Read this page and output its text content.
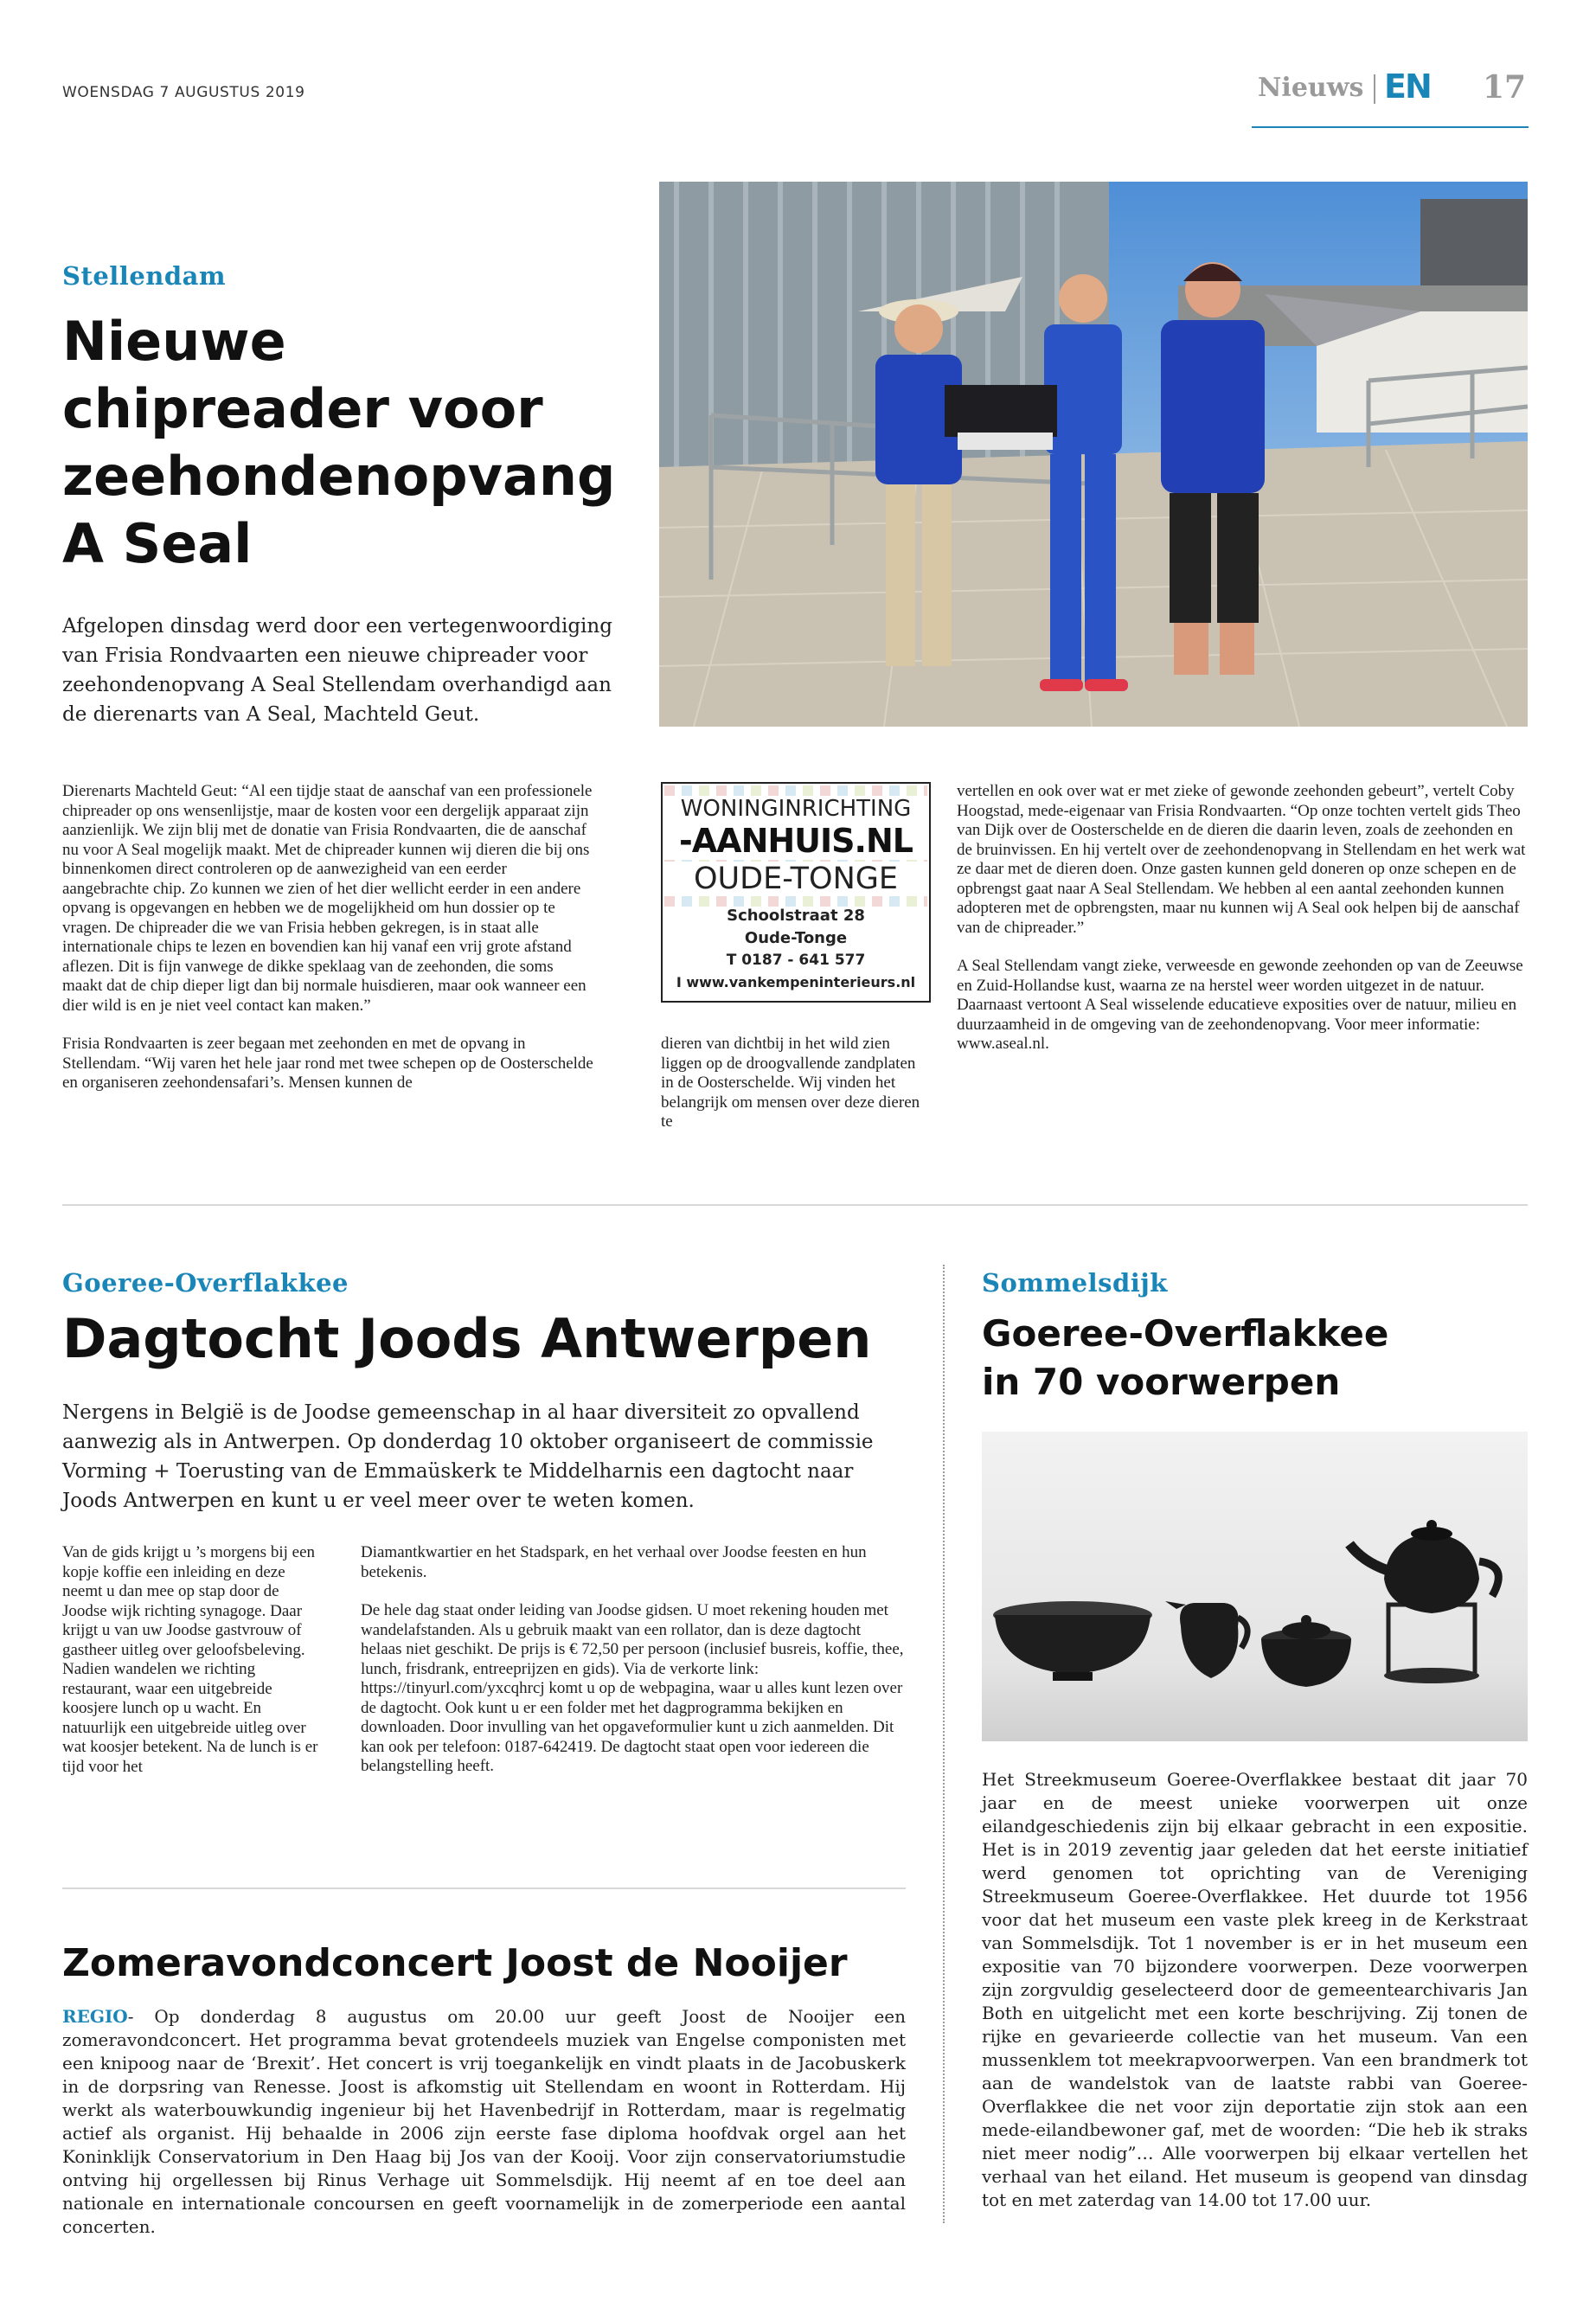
WOENSDAG 7 AUGUSTUS 2019	Nieuws EN 17
Stellendam
Nieuwe chipreader voor zeehondenopvang A Seal
Afgelopen dinsdag werd door een vertegenwoordiging van Frisia Rondvaarten een nieuwe chipreader voor zeehondenopvang A Seal Stellendam overhandigd aan de dierenarts van A Seal, Machteld Geut.

Dierenarts Machteld Geut: “Al een tijdje staat de aanschaf van een professionele chipreader op ons wensenlijstje, maar de kosten voor een dergelijk apparaat zijn aanzienlijk. We zijn blij met de donatie van Frisia Rondvaarten, die de aanschaf nu voor A Seal mogelijk maakt. Met de chipreader kunnen wij dieren die bij ons binnenkomen direct controleren op de aanwezigheid van een eerder aangebrachte chip. Zo kunnen we zien of het dier wellicht eerder in een andere opvang is opgevangen en hebben we de mogelijkheid om hun dossier op te vragen. De chipreader die we van Frisia hebben gekregen, is in staat alle internationale chips te lezen en bovendien kan hij vanaf een vrij grote afstand aflezen. Dit is fijn vanwege de dikke speklaag van de zeehonden, die soms maakt dat de chip dieper ligt dan bij normale huisdieren, maar ook wanneer een dier wild is en je niet veel contact kan maken.”

Frisia Rondvaarten is zeer begaan met zeehonden en met de opvang in Stellendam. “Wij varen het hele jaar rond met twee schepen op de Oosterschelde en organiseren zeehondensafari’s. Mensen kunnen de

WONINGINRICHTING
-AANHUIS.NL
OUDE-TONGE
Schoolstraat 28
Oude-Tonge
T 0187 - 641 577
I www.vankempeninterieurs.nl

dieren van dichtbij in het wild zien liggen op de droogvallende zandplaten in de Oosterschelde. Wij vinden het belangrijk om mensen over deze dieren te

vertellen en ook over wat er met zieke of gewonde zeehonden gebeurt”, vertelt Coby Hoogstad, mede-eigenaar van Frisia Rondvaarten. “Op onze tochten vertelt gids Theo van Dijk over de Oosterschelde en de dieren die daarin leven, zoals de zeehonden en de bruinvissen. En hij vertelt over de zeehondenopvang in Stellendam en het werk wat ze daar met de dieren doen. Onze gasten kunnen geld doneren op onze schepen en de opbrengst gaat naar A Seal Stellendam. We hebben al een aantal zeehonden kunnen adopteren met de opbrengsten, maar nu kunnen wij A Seal ook helpen bij de aanschaf van de chipreader.”

A Seal Stellendam vangt zieke, verweesde en gewonde zeehonden op van de Zeeuwse en Zuid-Hollandse kust, waarna ze na herstel weer worden uitgezet in de natuur. Daarnaast vertoont A Seal wisselende educatieve exposities over de natuur, milieu en duurzaamheid in de omgeving van de zeehondenopvang. Voor meer informatie: www.aseal.nl.

Goeree-Overflakkee
Dagtocht Joods Antwerpen
Nergens in België is de Joodse gemeenschap in al haar diversiteit zo opvallend aanwezig als in Antwerpen. Op donderdag 10 oktober organiseert de commissie Vorming + Toerusting van de Emmaüskerk te Middelharnis een dagtocht naar Joods Antwerpen en kunt u er veel meer over te weten komen.

Van de gids krijgt u ’s morgens bij een kopje koffie een inleiding en deze neemt u dan mee op stap door de Joodse wijk richting synagoge. Daar krijgt u van uw Joodse gastvrouw of gastheer uitleg over geloofsbeleving. Nadien wandelen we richting restaurant, waar een uitgebreide koosjere lunch op u wacht. En natuurlijk een uitgebreide uitleg over wat koosjer betekent. Na de lunch is er tijd voor het

Diamantkwartier en het Stadspark, en het verhaal over Joodse feesten en hun betekenis.

De hele dag staat onder leiding van Joodse gidsen. U moet rekening houden met wandelafstanden. Als u gebruik maakt van een rollator, dan is deze dagtocht helaas niet geschikt. De prijs is € 72,50 per persoon (inclusief busreis, koffie, thee, lunch, frisdrank, entreeprijzen en gids). Via de verkorte link: https://tinyurl.com/yxcqhrcj komt u op de webpagina, waar u alles kunt lezen over de dagtocht. Ook kunt u er een folder met het dagprogramma bekijken en downloaden. Door invulling van het opgaveformulier kunt u zich aanmelden. Dit kan ook per telefoon: 0187-642419. De dagtocht staat open voor iedereen die belangstelling heeft.

Zomeravondconcert Joost de Nooijer
REGIO- Op donderdag 8 augustus om 20.00 uur geeft Joost de Nooijer een zomeravondconcert. Het programma bevat grotendeels muziek van Engelse componisten met een knipoog naar de ‘Brexit’. Het concert is vrij toegankelijk en vindt plaats in de Jacobuskerk in de dorpsring van Renesse. Joost is afkomstig uit Stellendam en woont in Rotterdam. Hij werkt als waterbouwkundig ingenieur bij het Havenbedrijf in Rotterdam, maar is regelmatig actief als organist. Hij behaalde in 2006 zijn eerste fase diploma hoofdvak orgel aan het Koninklijk Conservatorium in Den Haag bij Jos van der Kooij. Voor zijn conservatoriumstudie ontving hij orgellessen bij Rinus Verhage uit Sommelsdijk. Hij neemt af en toe deel aan nationale en internationale concoursen en geeft voornamelijk in de zomerperiode een aantal concerten.
Sommelsdijk
Goeree-Overflakkee in 70 voorwerpen
Het Streekmuseum Goeree-Overflakkee bestaat dit jaar 70 jaar en de meest unieke voorwerpen uit onze eilandgeschiedenis zijn bij elkaar gebracht in een expositie. Het is in 2019 zeventig jaar geleden dat het eerste initiatief werd genomen tot oprichting van de Vereniging Streekmuseum Goeree-Overflakkee. Het duurde tot 1956 voor dat het museum een vaste plek kreeg in de Kerkstraat van Sommelsdijk. Tot 1 november is er in het museum een expositie van 70 bijzondere voorwerpen. Deze voorwerpen zijn zorgvuldig geselecteerd door de gemeentearchivaris Jan Both en uitgelicht met een korte beschrijving. Zij tonen de rijke en gevarieerde collectie van het museum. Van een mussenklem tot meekrapvoorwerpen. Van een brandmerk tot aan de wandelstok van de laatste rabbi van Goeree-Overflakkee die net voor zijn deportatie zijn stok aan een mede-eilandbewoner gaf, met de woorden: “Die heb ik straks niet meer nodig”… Alle voorwerpen bij elkaar vertellen het verhaal van het eiland. Het museum is geopend van dinsdag tot en met zaterdag van 14.00 tot 17.00 uur.
